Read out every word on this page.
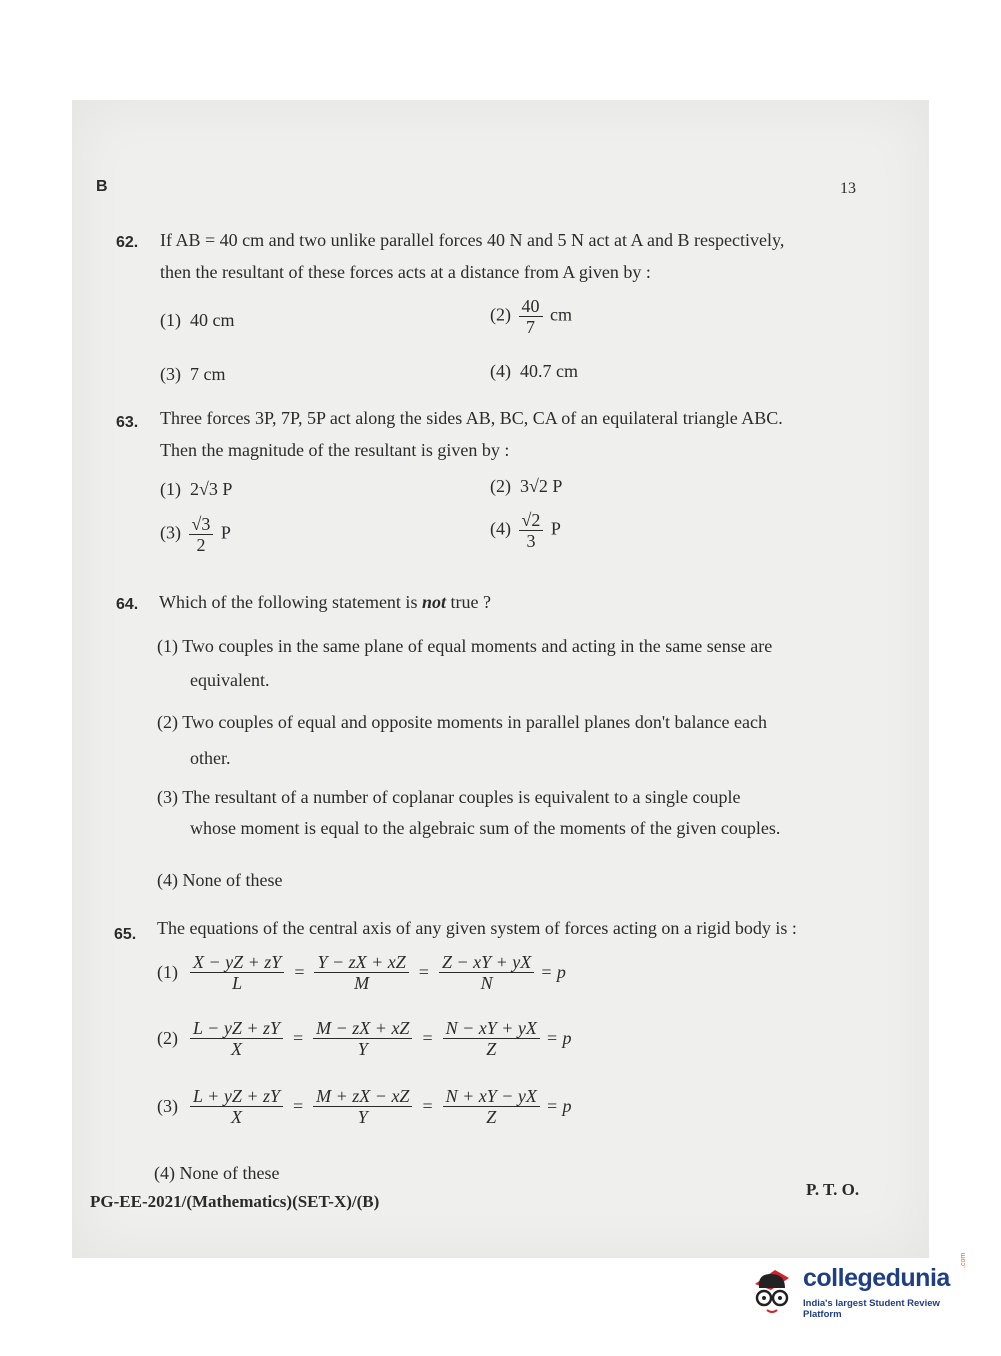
B	13
62. If AB = 40 cm and two unlike parallel forces 40 N and 5 N act at A and B respectively,
then the resultant of these forces acts at a distance from A given by :
(1) 40 cm	$(2) \frac{40}{7}$ cm
(3) 7 cm	(4) 40.7 cm
63. Three forces 3P, 7P, 5P act along the sides AB, BC, CA of an equilateral triangle ABC.
Then the magnitude of the resultant is given by :
(1) 2√3 P	(2) 3√2 P
$(3) \frac{√3}{2}$ P	$(4) \frac{√2}{3}$ P
64. Which of the following statement is not true ?
(1) Two couples in the same plane of equal moments and acting in the same sense are
equivalent.
(2) Two couples of equal and opposite moments in parallel planes don't balance each
other.
(3) The resultant of a number of coplanar couples is equivalent to a single couple
whose moment is equal to the algebraic sum of the moments of the given couples.
(4) None of these
65. The equations of the central axis of any given system of forces acting on a rigid body is :
$(1) \frac{X - yZ + zY}{L} = \frac{Y - zX + xZ}{M} = \frac{Z - xY + yX}{N} = p$
$(2) \frac{L - yZ + zY}{X} = \frac{M - zX + xZ}{Y} = \frac{N - xY + yX}{Z} = p$
$(3) \frac{L + yZ + zY}{X} = \frac{M + zX - xZ}{Y} = \frac{N + xY - yX}{Z} = p$
(4) None of these
PG-EE-2021/(Mathematics)(SET-X)/(B)
P. T. O.
collegedunia
.com
India's largest Student Review Platform
